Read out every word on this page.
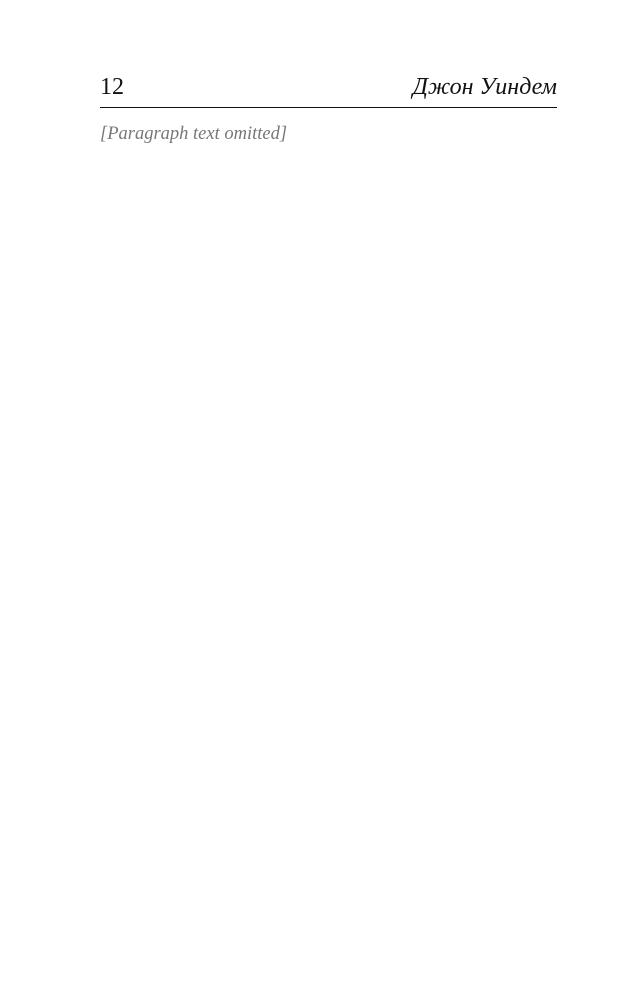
12	Джон Уиндем

[Paragraph text omitted]
